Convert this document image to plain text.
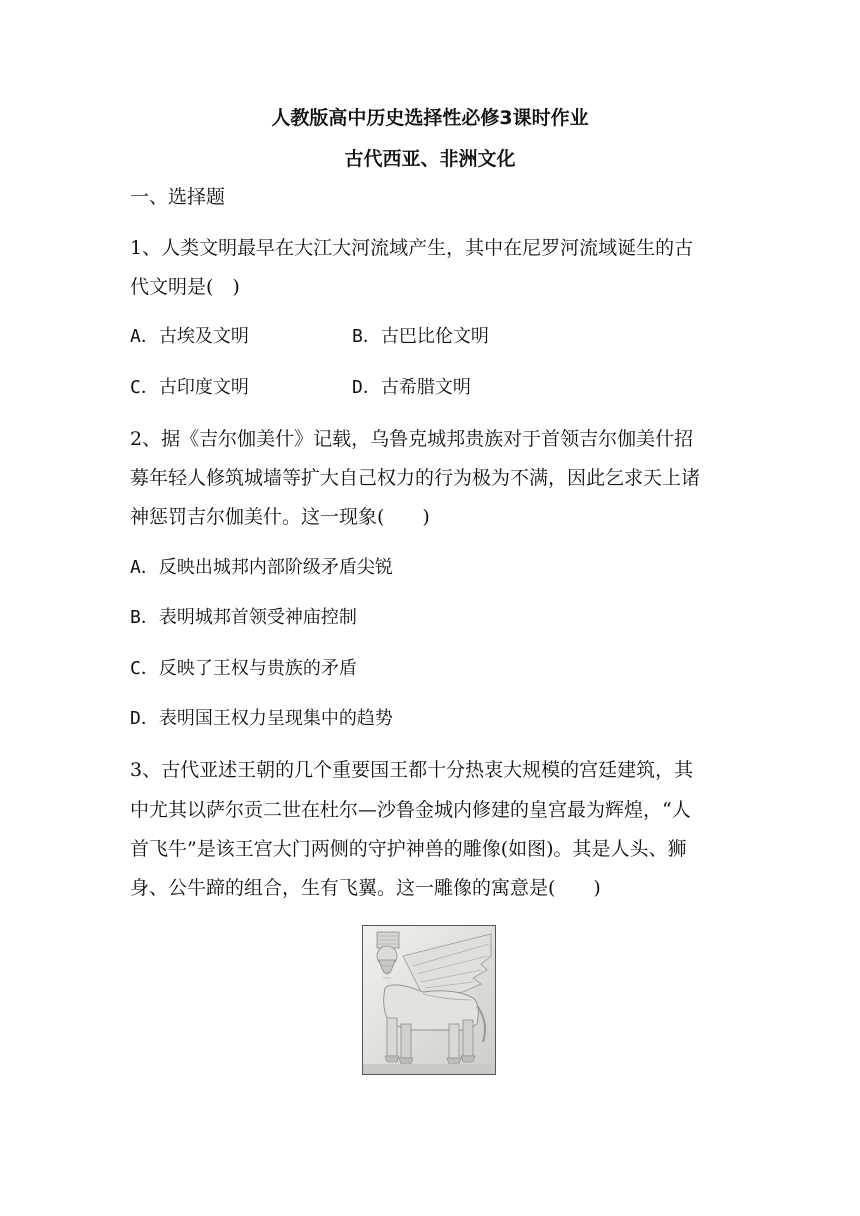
人教版高中历史选择性必修3课时作业
古代西亚、非洲文化
一、选择题
1、人类文明最早在大江大河流域产生，其中在尼罗河流域诞生的古
代文明是(　)
A．古埃及文明	B．古巴比伦文明
C．古印度文明	D．古希腊文明
2、据《吉尔伽美什》记载，乌鲁克城邦贵族对于首领吉尔伽美什招
募年轻人修筑城墙等扩大自己权力的行为极为不满，因此乞求天上诸
神惩罚吉尔伽美什。这一现象(　　)
A．反映出城邦内部阶级矛盾尖锐
B．表明城邦首领受神庙控制
C．反映了王权与贵族的矛盾
D．表明国王权力呈现集中的趋势
3、古代亚述王朝的几个重要国王都十分热衷大规模的宫廷建筑，其
中尤其以萨尔贡二世在杜尔—沙鲁金城内修建的皇宫最为辉煌，“人
首飞牛”是该王宫大门两侧的守护神兽的雕像(如图)。其是人头、狮
身、公牛蹄的组合，生有飞翼。这一雕像的寓意是(　　)
